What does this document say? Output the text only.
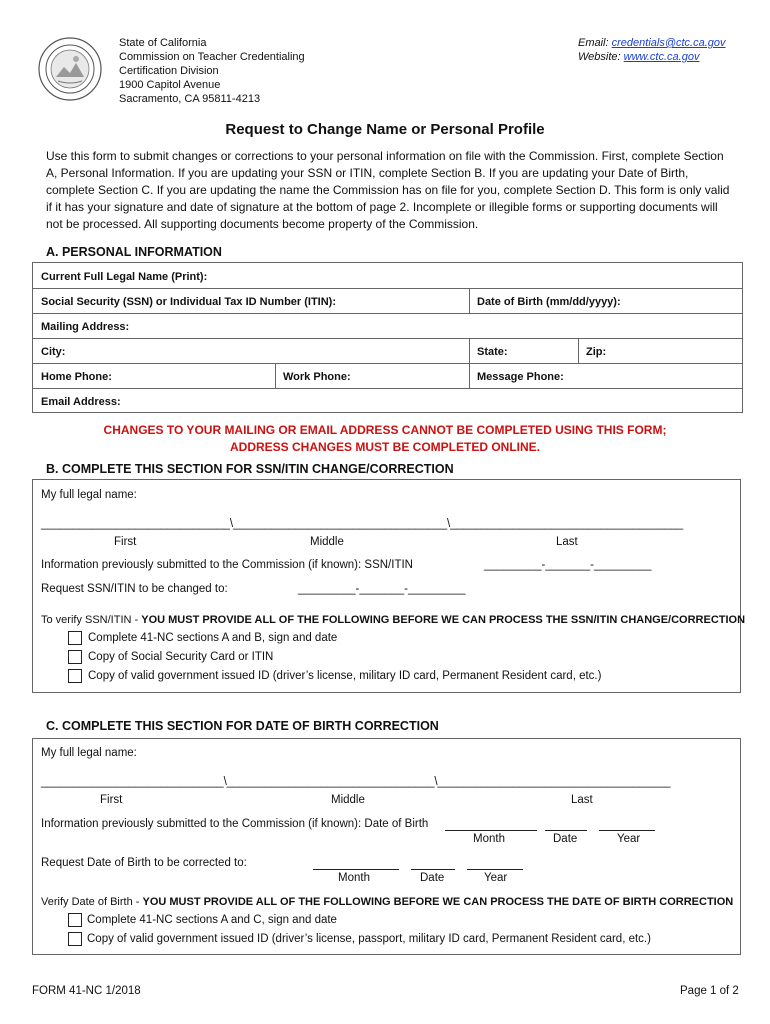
State of California
Commission on Teacher Credentialing
Certification Division
1900 Capitol Avenue
Sacramento, CA 95811-4213
Email: credentials@ctc.ca.gov
Website: www.ctc.ca.gov
Request to Change Name or Personal Profile
Use this form to submit changes or corrections to your personal information on file with the Commission. First, complete Section A, Personal Information. If you are updating your SSN or ITIN, complete Section B. If you are updating your Date of Birth, complete Section C. If you are updating the name the Commission has on file for you, complete Section D. This form is only valid if it has your signature and date of signature at the bottom of page 2. Incomplete or illegible forms or supporting documents will not be processed. All supporting documents become property of the Commission.
A. PERSONAL INFORMATION
Current Full Legal Name (Print):
Social Security (SSN) or Individual Tax ID Number (ITIN):	Date of Birth (mm/dd/yyyy):
Mailing Address:
City:	State:	Zip:
Home Phone:	Work Phone:	Message Phone:
Email Address:
CHANGES TO YOUR MAILING OR EMAIL ADDRESS CANNOT BE COMPLETED USING THIS FORM;
ADDRESS CHANGES MUST BE COMPLETED ONLINE.
B. COMPLETE THIS SECTION FOR SSN/ITIN CHANGE/CORRECTION
My full legal name:
______________________________\__________________________________\_____________________________________
First	Middle	Last
Information previously submitted to the Commission (if known): SSN/ITIN	_________-_______-_________
Request SSN/ITIN to be changed to:	_________-_______-_________
To verify SSN/ITIN - YOU MUST PROVIDE ALL OF THE FOLLOWING BEFORE WE CAN PROCESS THE SSN/ITIN CHANGE/CORRECTION
Complete 41-NC sections A and B, sign and date
Copy of Social Security Card or ITIN
Copy of valid government issued ID (driver’s license, military ID card, Permanent Resident card, etc.)
C. COMPLETE THIS SECTION FOR DATE OF BIRTH CORRECTION
My full legal name:
_____________________________\_________________________________\_____________________________________
First	Middle	Last
Information previously submitted to the Commission (if known): Date of Birth
Month	Date	Year
Request Date of Birth to be corrected to:
Month	Date	Year
Verify Date of Birth - YOU MUST PROVIDE ALL OF THE FOLLOWING BEFORE WE CAN PROCESS THE DATE OF BIRTH CORRECTION
Complete 41-NC sections A and C, sign and date
Copy of valid government issued ID (driver’s license, passport, military ID card, Permanent Resident card, etc.)
FORM 41-NC 1/2018	Page 1 of 2
